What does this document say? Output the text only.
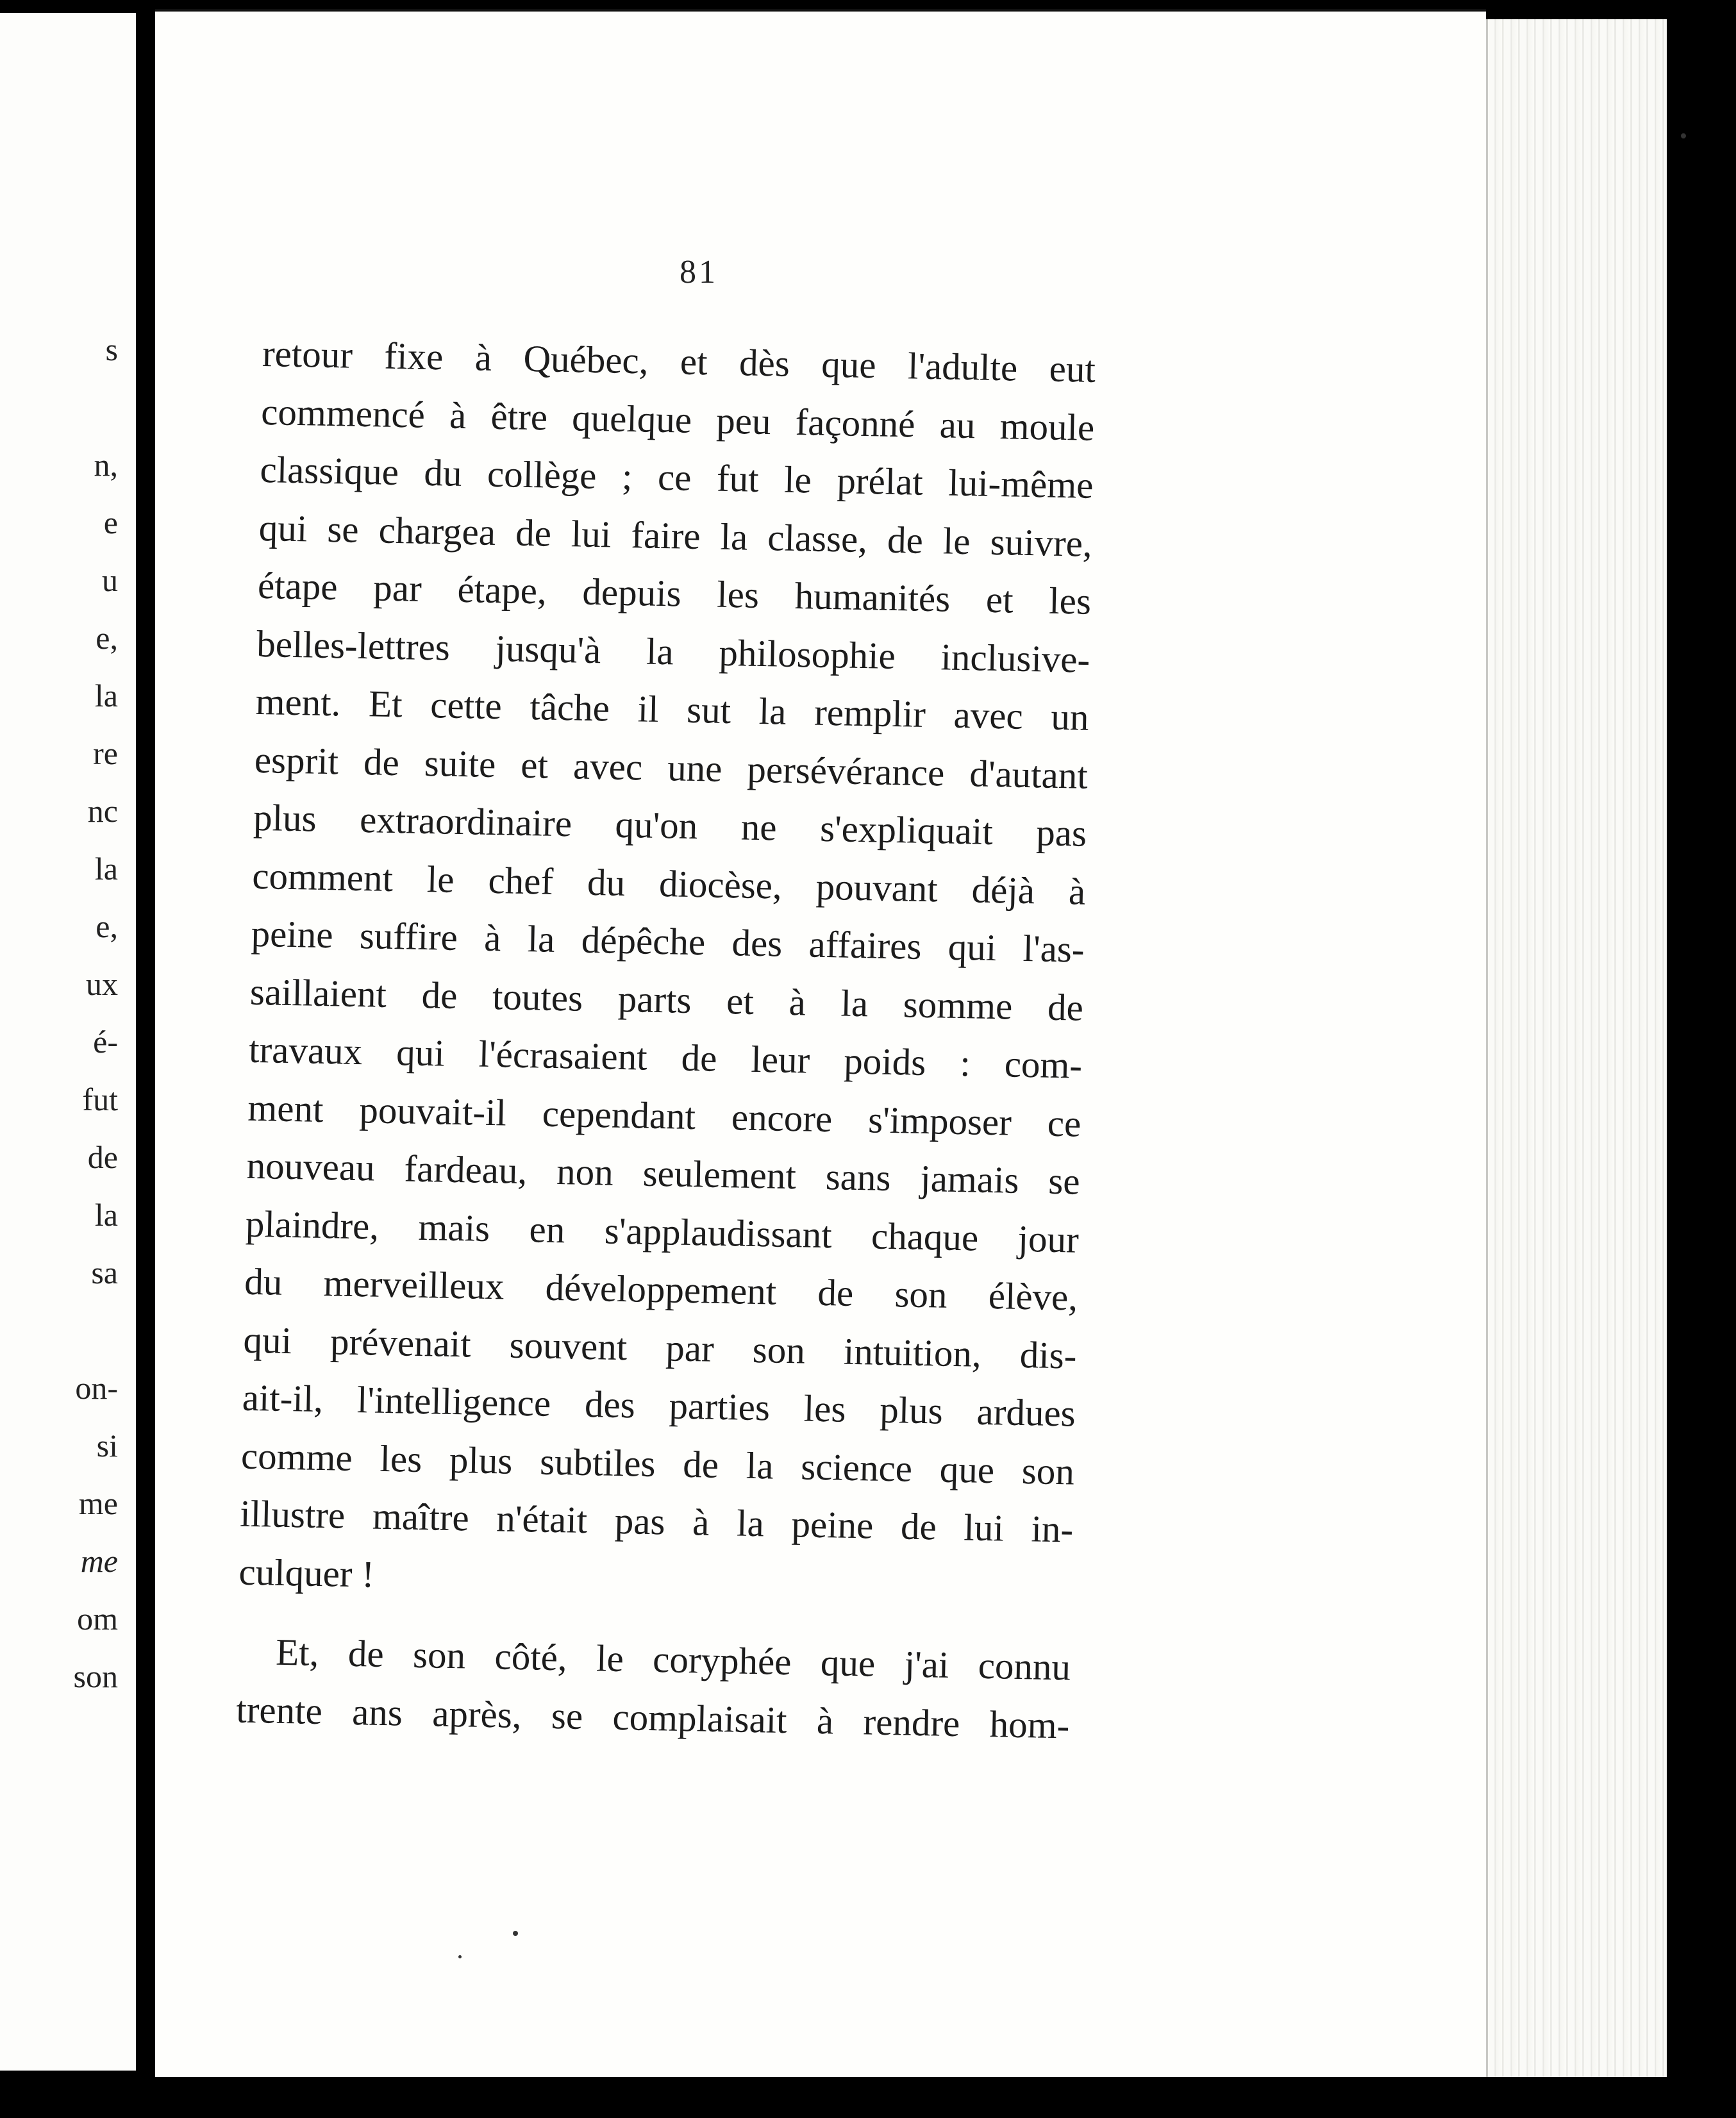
s
n,
e
u
e,
la
re
nc
la
e,
ux
é-
fut
de
la
sa
on-
si
me
me
om
son
81
retour fixe à Québec, et dès que l'adulte eut
commencé à être quelque peu façonné au moule
classique du collège ; ce fut le prélat lui-même
qui se chargea de lui faire la classe, de le suivre,
étape par étape, depuis les humanités et les
belles-lettres jusqu'à la philosophie inclusive-
ment. Et cette tâche il sut la remplir avec un
esprit de suite et avec une persévérance d'autant
plus extraordinaire qu'on ne s'expliquait pas
comment le chef du diocèse, pouvant déjà à
peine suffire à la dépêche des affaires qui l'as-
saillaient de toutes parts et à la somme de
travaux qui l'écrasaient de leur poids : com-
ment pouvait-il cependant encore s'imposer ce
nouveau fardeau, non seulement sans jamais se
plaindre, mais en s'applaudissant chaque jour
du merveilleux développement de son élève,
qui prévenait souvent par son intuition, dis-
ait-il, l'intelligence des parties les plus ardues
comme les plus subtiles de la science que son
illustre maître n'était pas à la peine de lui in-
culquer !
Et, de son côté, le coryphée que j'ai connu
trente ans après, se complaisait à rendre hom-
